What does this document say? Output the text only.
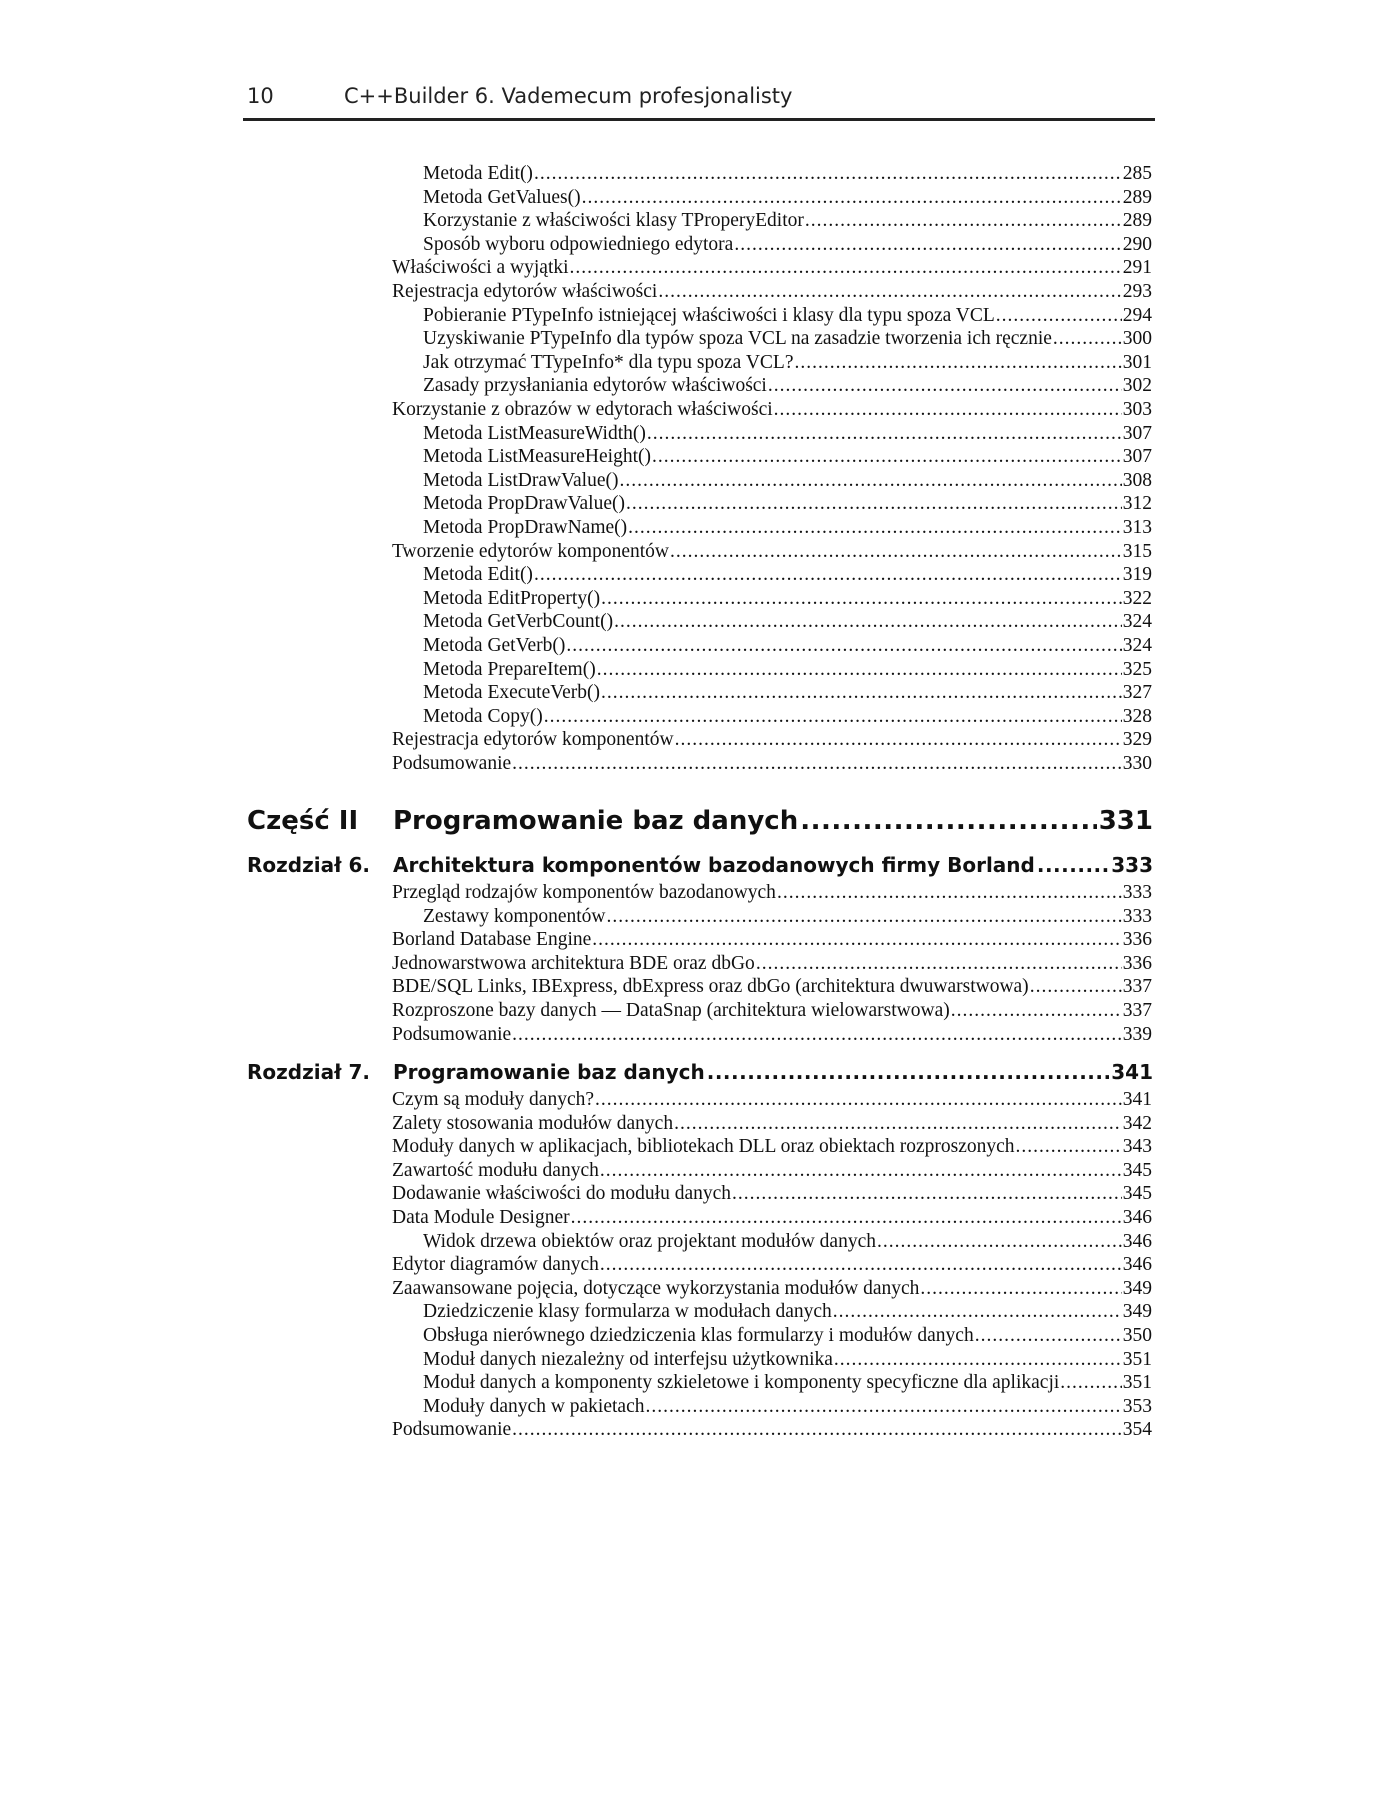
10	C++Builder 6. Vademecum profesjonalisty
Metoda Edit() .....	285
Metoda GetValues() .....	289
Korzystanie z właściwości klasy TProperyEditor .....	289
Sposób wyboru odpowiedniego edytora .....	290
Właściwości a wyjątki .....	291
Rejestracja edytorów właściwości .....	293
Pobieranie PTypeInfo istniejącej właściwości i klasy dla typu spoza VCL .....	294
Uzyskiwanie PTypeInfo dla typów spoza VCL na zasadzie tworzenia ich ręcznie .....	300
Jak otrzymać TTypeInfo* dla typu spoza VCL? .....	301
Zasady przysłaniania edytorów właściwości .....	302
Korzystanie z obrazów w edytorach właściwości .....	303
Metoda ListMeasureWidth() .....	307
Metoda ListMeasureHeight() .....	307
Metoda ListDrawValue() .....	308
Metoda PropDrawValue() .....	312
Metoda PropDrawName() .....	313
Tworzenie edytorów komponentów .....	315
Metoda Edit() .....	319
Metoda EditProperty() .....	322
Metoda GetVerbCount() .....	324
Metoda GetVerb() .....	324
Metoda PrepareItem() .....	325
Metoda ExecuteVerb() .....	327
Metoda Copy() .....	328
Rejestracja edytorów komponentów .....	329
Podsumowanie .....	330
Część II Programowanie baz danych .....	331
Rozdział 6. Architektura komponentów bazodanowych firmy Borland .....	333
Przegląd rodzajów komponentów bazodanowych .....	333
Zestawy komponentów .....	333
Borland Database Engine .....	336
Jednowarstwowa architektura BDE oraz dbGo .....	336
BDE/SQL Links, IBExpress, dbExpress oraz dbGo (architektura dwuwarstwowa) .....	337
Rozproszone bazy danych — DataSnap (architektura wielowarstwowa) .....	337
Podsumowanie .....	339
Rozdział 7. Programowanie baz danych .....	341
Czym są moduły danych? .....	341
Zalety stosowania modułów danych .....	342
Moduły danych w aplikacjach, bibliotekach DLL oraz obiektach rozproszonych .....	343
Zawartość modułu danych .....	345
Dodawanie właściwości do modułu danych .....	345
Data Module Designer .....	346
Widok drzewa obiektów oraz projektant modułów danych .....	346
Edytor diagramów danych .....	346
Zaawansowane pojęcia, dotyczące wykorzystania modułów danych .....	349
Dziedziczenie klasy formularza w modułach danych .....	349
Obsługa nierównego dziedziczenia klas formularzy i modułów danych .....	350
Moduł danych niezależny od interfejsu użytkownika .....	351
Moduł danych a komponenty szkieletowe i komponenty specyficzne dla aplikacji .....	351
Moduły danych w pakietach .....	353
Podsumowanie .....	354
